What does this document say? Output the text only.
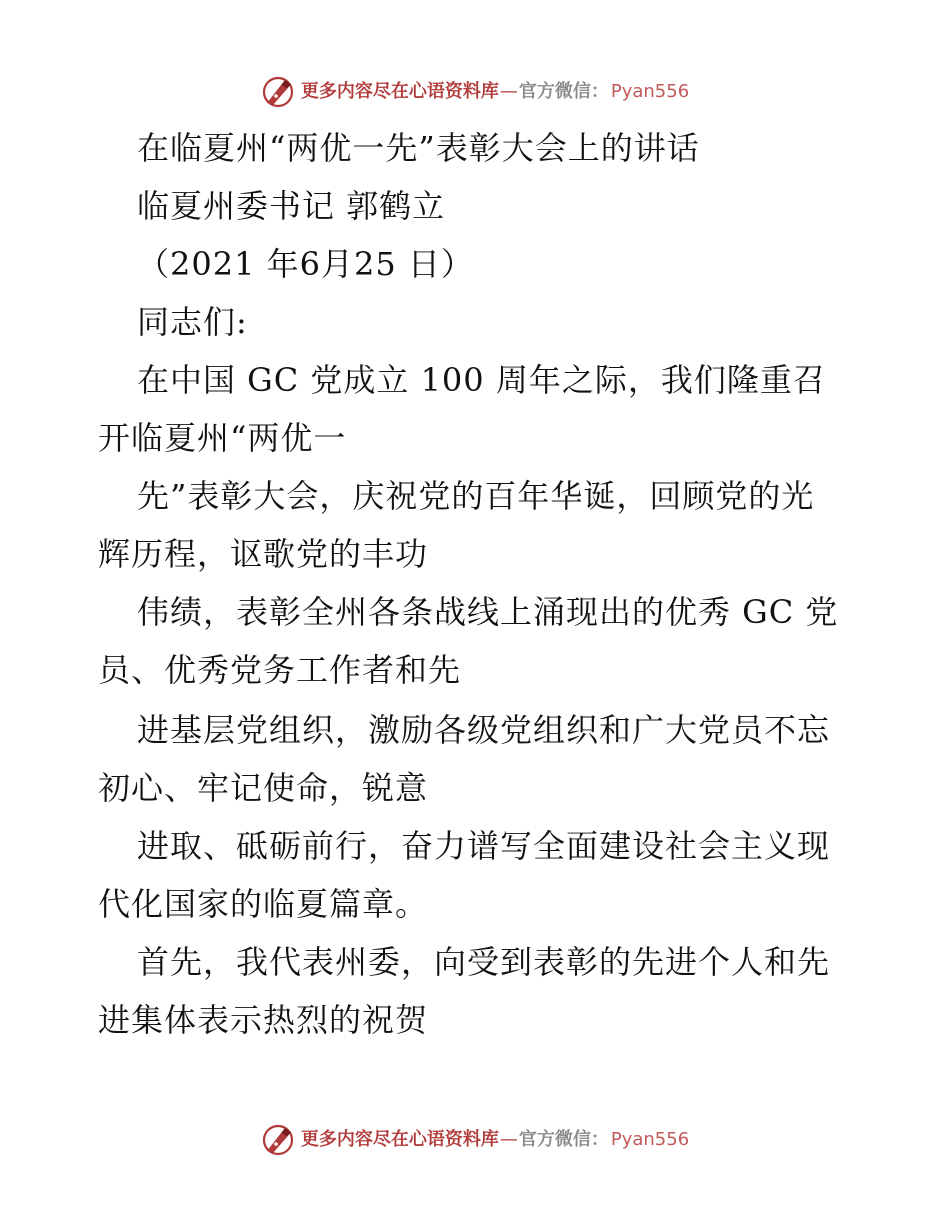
更多内容尽在心语资料库 — 官方微信： Pyan556
在临夏州“两优一先”表彰大会上的讲话
临夏州委书记 郭鹤立
（2021 年6月25 日）
同志们:
在中国 GC 党成立 100 周年之际，我们隆重召
开临夏州“两优一
先”表彰大会，庆祝党的百年华诞，回顾党的光
辉历程，讴歌党的丰功
伟绩，表彰全州各条战线上涌现出的优秀 GC 党
员、优秀党务工作者和先
进基层党组织，激励各级党组织和广大党员不忘
初心、牢记使命，锐意
进取、砥砺前行，奋力谱写全面建设社会主义现
代化国家的临夏篇章。
首先，我代表州委，向受到表彰的先进个人和先
进集体表示热烈的祝贺
更多内容尽在心语资料库 — 官方微信： Pyan556
